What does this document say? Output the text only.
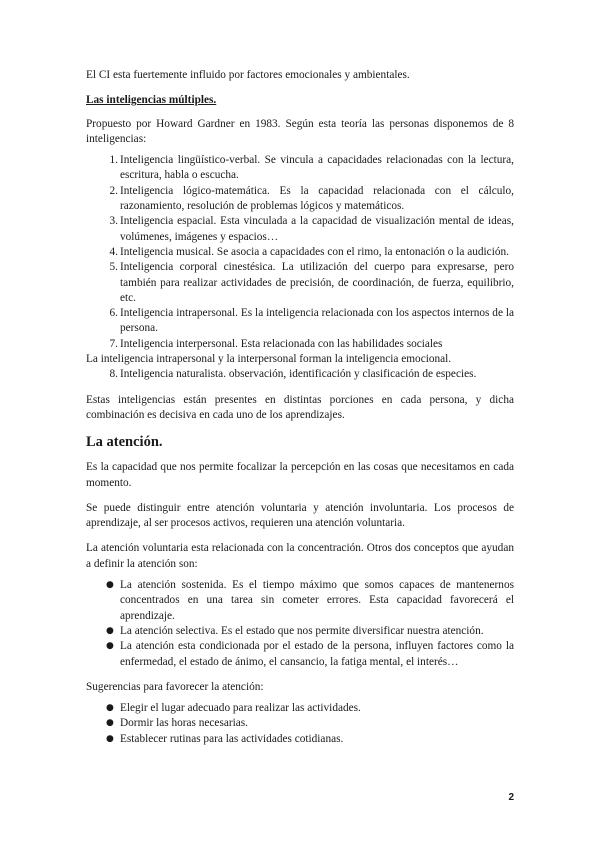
El CI esta fuertemente influido por factores emocionales y ambientales.

Las inteligencias múltiples.

Propuesto por Howard Gardner en 1983. Según esta teoría las personas disponemos de 8 inteligencias:

1. Inteligencia lingüístico-verbal. Se vincula a capacidades relacionadas con la lectura, escritura, habla o escucha.
2. Inteligencia lógico-matemática. Es la capacidad relacionada con el cálculo, razonamiento, resolución de problemas lógicos y matemáticos.
3. Inteligencia espacial. Esta vinculada a la capacidad de visualización mental de ideas, volúmenes, imágenes y espacios…
4. Inteligencia musical. Se asocia a capacidades con el rimo, la entonación o la audición.
5. Inteligencia corporal cinestésica. La utilización del cuerpo para expresarse, pero también para realizar actividades de precisión, de coordinación, de fuerza, equilibrio, etc.
6. Inteligencia intrapersonal. Es la inteligencia relacionada con los aspectos internos de la persona.
7. Inteligencia interpersonal. Esta relacionada con las habilidades sociales

La inteligencia intrapersonal y la interpersonal forman la inteligencia emocional.

8. Inteligencia naturalista. observación, identificación y clasificación de especies.

Estas inteligencias están presentes en distintas porciones en cada persona, y dicha combinación es decisiva en cada uno de los aprendizajes.

La atención.

Es la capacidad que nos permite focalizar la percepción en las cosas que necesitamos en cada momento.

Se puede distinguir entre atención voluntaria y atención involuntaria. Los procesos de aprendizaje, al ser procesos activos, requieren una atención voluntaria.

La atención voluntaria esta relacionada con la concentración. Otros dos conceptos que ayudan a definir la atención son:

● La atención sostenida. Es el tiempo máximo que somos capaces de mantenernos concentrados en una tarea sin cometer errores. Esta capacidad favorecerá el aprendizaje.
● La atención selectiva. Es el estado que nos permite diversificar nuestra atención.
● La atención esta condicionada por el estado de la persona, influyen factores como la enfermedad, el estado de ánimo, el cansancio, la fatiga mental, el interés…

Sugerencias para favorecer la atención:

● Elegir el lugar adecuado para realizar las actividades.
● Dormir las horas necesarias.
● Establecer rutinas para las actividades cotidianas.
2
